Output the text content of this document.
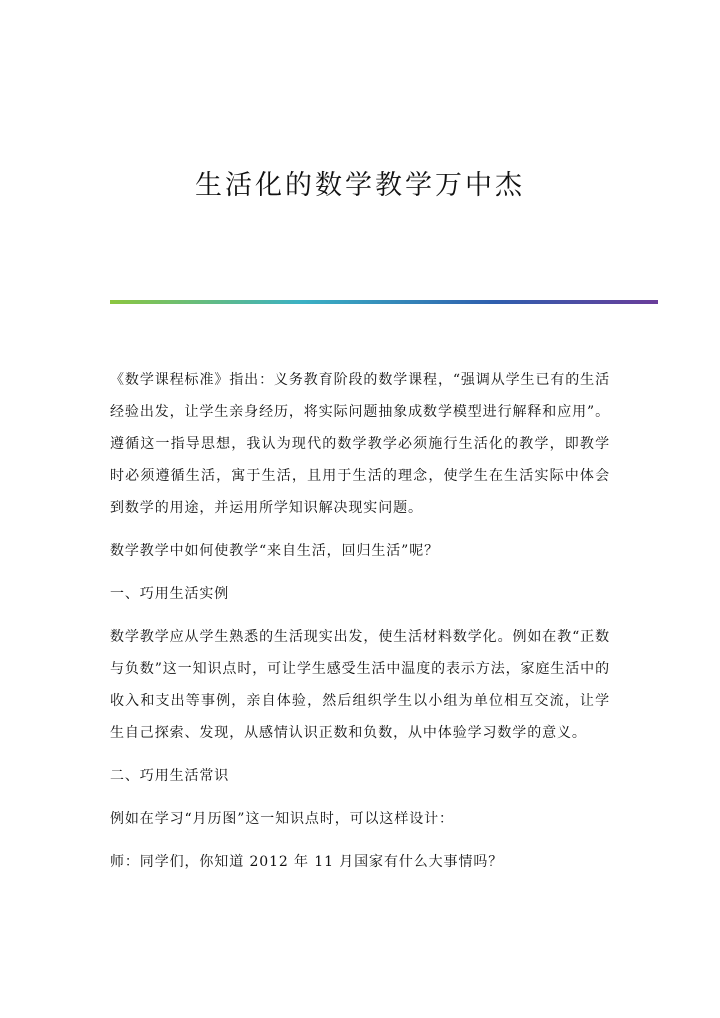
生活化的数学教学万中杰

《数学课程标准》指出：义务教育阶段的数学课程，“强调从学生已有的生活经验出发，让学生亲身经历，将实际问题抽象成数学模型进行解释和应用”。遵循这一指导思想，我认为现代的数学教学必须施行生活化的教学，即教学时必须遵循生活，寓于生活，且用于生活的理念，使学生在生活实际中体会到数学的用途，并运用所学知识解决现实问题。

数学教学中如何使教学“来自生活，回归生活”呢？

一、巧用生活实例

数学教学应从学生熟悉的生活现实出发，使生活材料数学化。例如在教“正数与负数”这一知识点时，可让学生感受生活中温度的表示方法，家庭生活中的收入和支出等事例，亲自体验，然后组织学生以小组为单位相互交流，让学生自己探索、发现，从感情认识正数和负数，从中体验学习数学的意义。

二、巧用生活常识

例如在学习“月历图”这一知识点时，可以这样设计：

师：同学们，你知道 2012 年 11 月国家有什么大事情吗？
